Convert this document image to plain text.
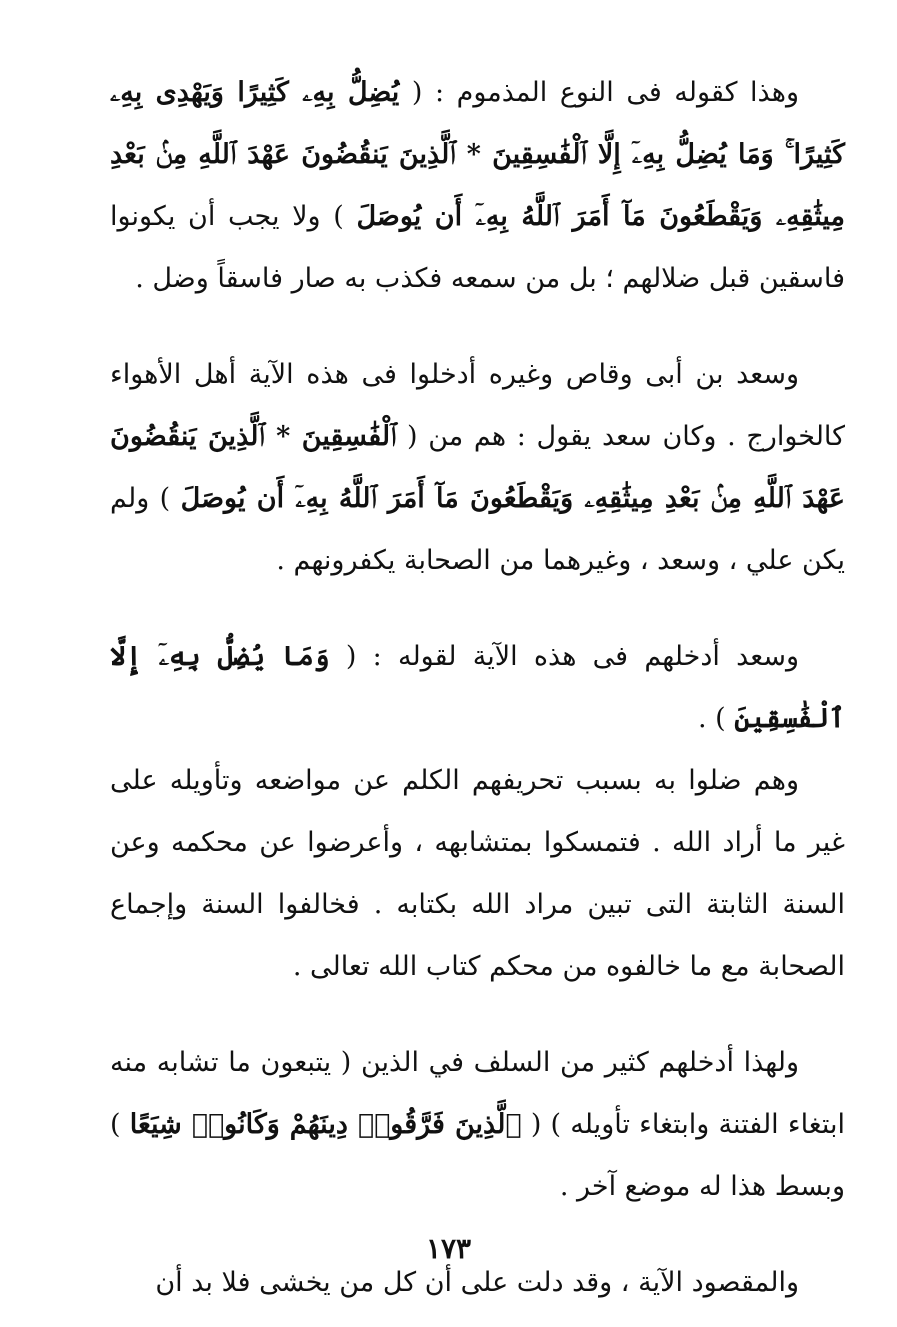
وهذا كقوله فى النوع المذموم : ( يُضِلُّ بِهِۦ كَثِيرًا وَيَهْدِى بِهِۦ كَثِيرًا ۚ وَمَا يُضِلُّ بِهِۦٓ إِلَّا ٱلْفَٰسِقِينَ * ٱلَّذِينَ يَنقُضُونَ عَهْدَ ٱللَّهِ مِنۢ بَعْدِ مِيثَٰقِهِۦ وَيَقْطَعُونَ مَآ أَمَرَ ٱللَّهُ بِهِۦٓ أَن يُوصَلَ ) ولا يجب أن يكونوا فاسقين قبل ضلالهم ؛ بل من سمعه فكذب به صار فاسقاً وضل .

وسعد بن أبى وقاص وغيره أدخلوا فى هذه الآية أهل الأهواء كالخوارج . وكان سعد يقول : هم من ( ٱلْفَٰسِقِينَ * ٱلَّذِينَ يَنقُضُونَ عَهْدَ ٱللَّهِ مِنۢ بَعْدِ مِيثَٰقِهِۦ وَيَقْطَعُونَ مَآ أَمَرَ ٱللَّهُ بِهِۦٓ أَن يُوصَلَ ) ولم يكن علي ، وسعد ، وغيرهما من الصحابة يكفرونهم .

وسعد أدخلهم فى هذه الآية لقوله : ( وَمَا يُضِلُّ بِهِۦٓ إِلَّا ٱلْفَٰسِقِينَ ) .

وهم ضلوا به بسبب تحريفهم الكلم عن مواضعه وتأويله على غير ما أراد الله . فتمسكوا بمتشابهه ، وأعرضوا عن محكمه وعن السنة الثابتة التى تبين مراد الله بكتابه . فخالفوا السنة وإجماع الصحابة مع ما خالفوه من محكم كتاب الله تعالى .

ولهذا أدخلهم كثير من السلف في الذين ( يتبعون ما تشابه منه ابتغاء الفتنة وابتغاء تأويله ) ( ٱلَّذِينَ فَرَّقُوا۟ دِينَهُمْ وَكَانُوا۟ شِيَعًا ) وبسط هذا له موضع آخر .

والمقصود الآية ، وقد دلت على أن كل من يخشى فلا بد أن

١٧٣
